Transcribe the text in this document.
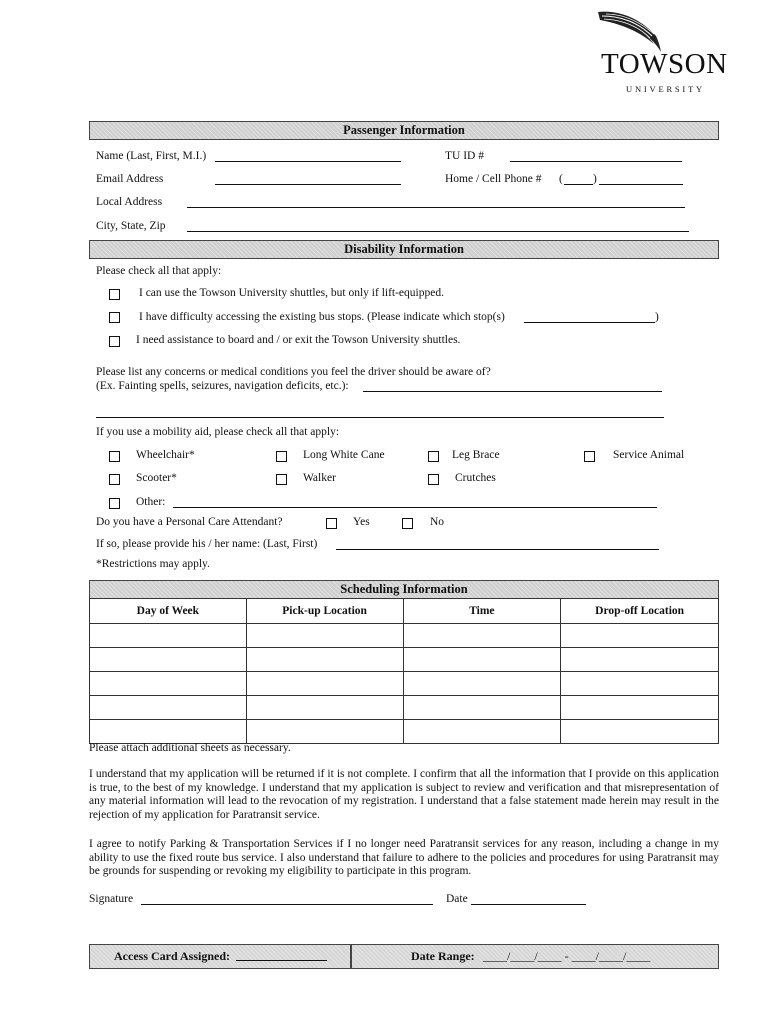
TOWSON
UNIVERSITY
Passenger Information
Name (Last, First, M.I.)	TU ID #
Email Address	Home / Cell Phone # (	)
Local Address
City, State, Zip
Disability Information
Please check all that apply:
I can use the Towson University shuttles, but only if lift-equipped.
I have difficulty accessing the existing bus stops. (Please indicate which stop(s)	)
I need assistance to board and / or exit the Towson University shuttles.
Please list any concerns or medical conditions you feel the driver should be aware of?
(Ex. Fainting spells, seizures, navigation deficits, etc.):
If you use a mobility aid, please check all that apply:
Wheelchair*	Long White Cane	Leg Brace	Service Animal
Scooter*	Walker	Crutches
Other:
Do you have a Personal Care Attendant?	Yes	No
If so, please provide his / her name: (Last, First)
*Restrictions may apply.
Scheduling Information
Day of Week	Pick-up Location	Time	Drop-off Location

Please attach additional sheets as necessary.
I understand that my application will be returned if it is not complete. I confirm that all the information that I provide on this application is true, to the best of my knowledge. I understand that my application is subject to review and verification and that misrepresentation of any material information will lead to the revocation of my registration. I understand that a false statement made herein may result in the rejection of my application for Paratransit service.
I agree to notify Parking & Transportation Services if I no longer need Paratransit services for any reason, including a change in my ability to use the fixed route bus service. I also understand that failure to adhere to the policies and procedures for using Paratransit may be grounds for suspending or revoking my eligibility to participate in this program.
Signature	Date
Access Card Assigned:	Date Range: ____/____/____ - ____/____/____
